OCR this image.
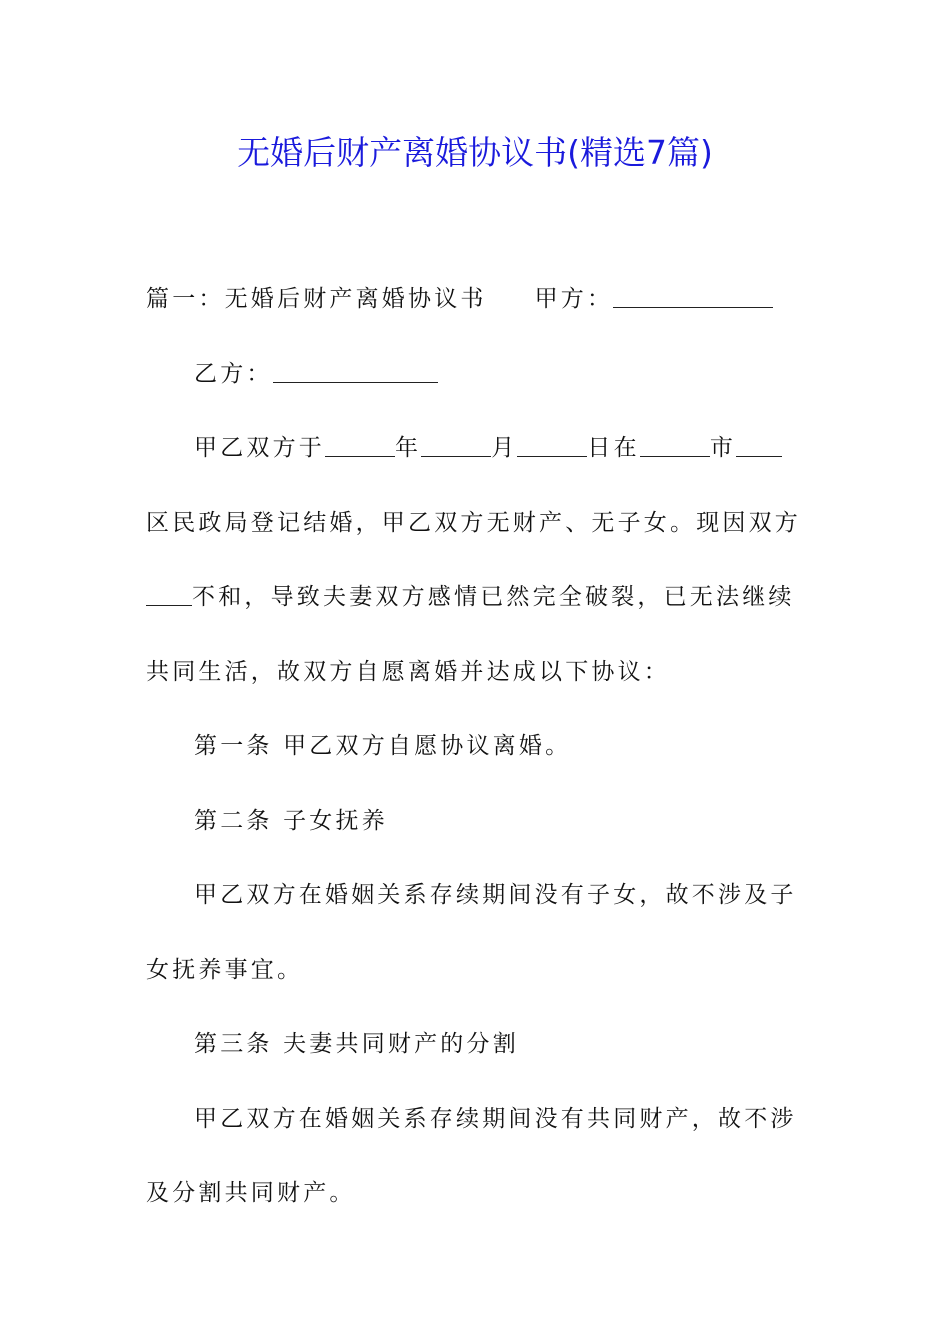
无婚后财产离婚协议书(精选7篇)

篇一：无婚后财产离婚协议书 甲方：

乙方：

甲乙双方于	年	月	日在	市区民政局登记结婚，甲乙双方无财产、无子女。现因双方不和，导致夫妻双方感情已然完全破裂，已无法继续共同生活，故双方自愿离婚并达成以下协议：

第一条 甲乙双方自愿协议离婚。

第二条 子女抚养

甲乙双方在婚姻关系存续期间没有子女，故不涉及子女抚养事宜。

第三条 夫妻共同财产的分割

甲乙双方在婚姻关系存续期间没有共同财产，故不涉及分割共同财产。
